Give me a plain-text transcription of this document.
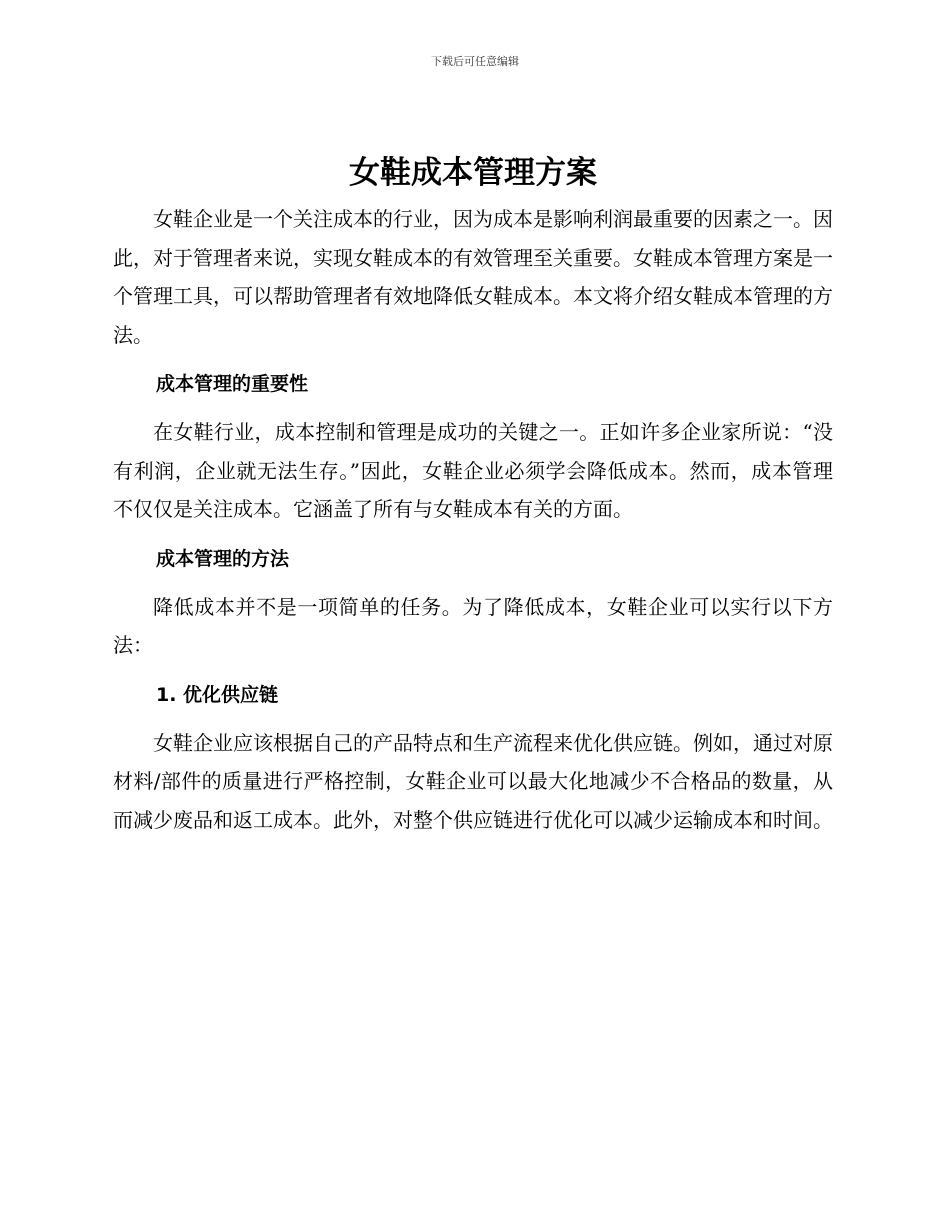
下载后可任意编辑
女鞋成本管理方案

女鞋企业是一个关注成本的行业，因为成本是影响利润最重要的因素之一。因此，对于管理者来说，实现女鞋成本的有效管理至关重要。女鞋成本管理方案是一个管理工具，可以帮助管理者有效地降低女鞋成本。本文将介绍女鞋成本管理的方法。

成本管理的重要性

在女鞋行业，成本控制和管理是成功的关键之一。正如许多企业家所说：“没有利润，企业就无法生存。”因此，女鞋企业必须学会降低成本。然而，成本管理不仅仅是关注成本。它涵盖了所有与女鞋成本有关的方面。

成本管理的方法

降低成本并不是一项简单的任务。为了降低成本，女鞋企业可以实行以下方法：

1. 优化供应链

女鞋企业应该根据自己的产品特点和生产流程来优化供应链。例如，通过对原材料/部件的质量进行严格控制，女鞋企业可以最大化地减少不合格品的数量，从而减少废品和返工成本。此外，对整个供应链进行优化可以减少运输成本和时间。
